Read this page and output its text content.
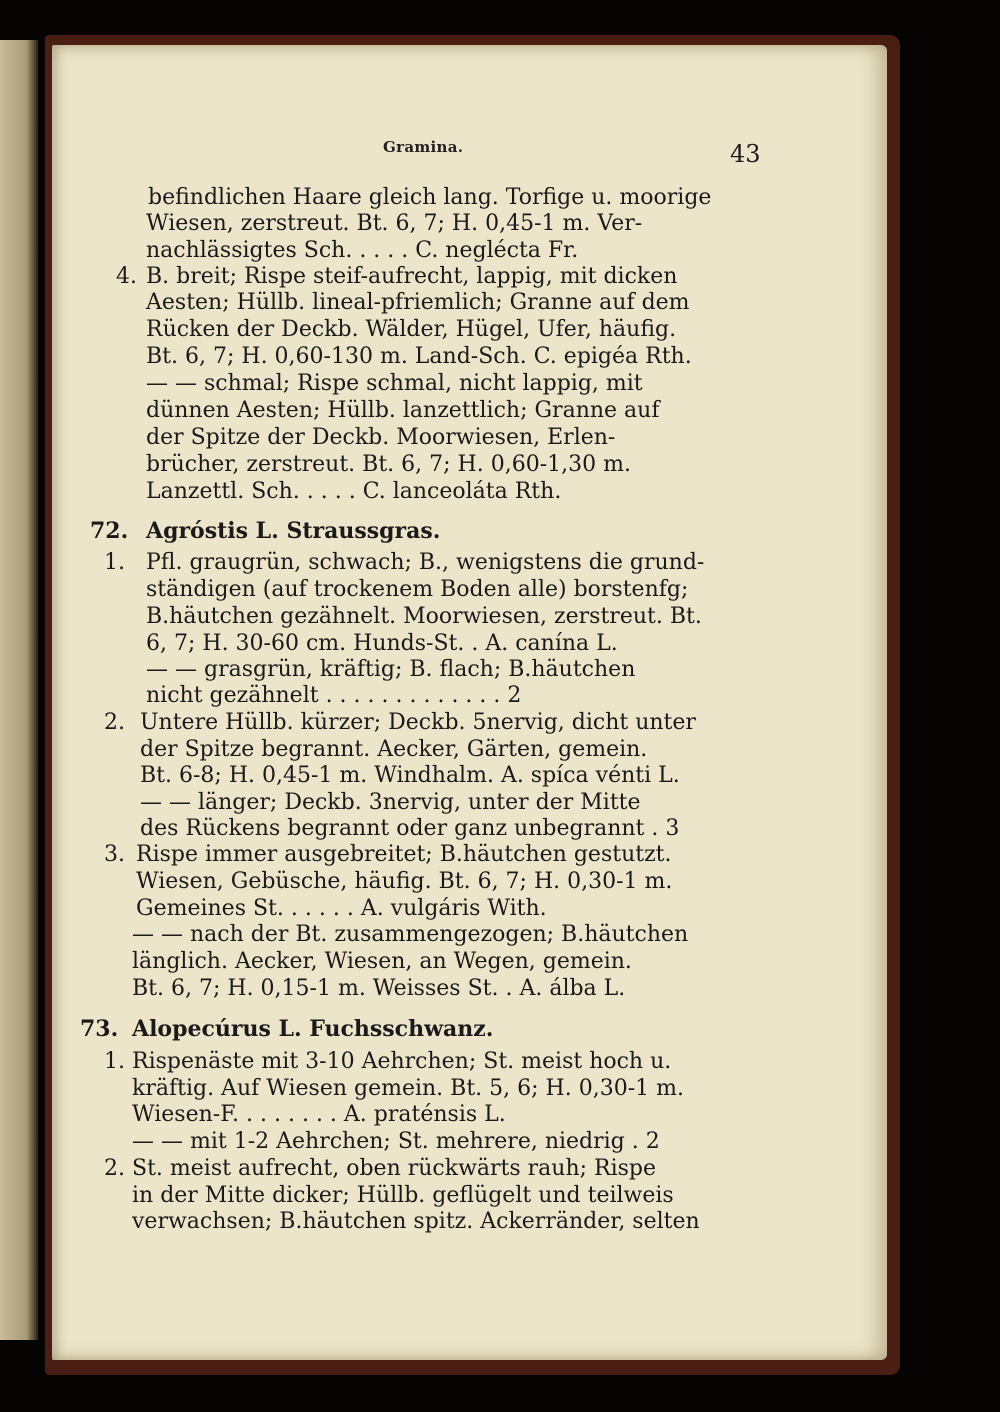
Gramina.	43
4.
72.
1.
2.
3.
73.
1.
2.
befindlichen Haare gleich lang. Torfige u. moorige
Wiesen, zerstreut. Bt. 6, 7; H. 0,45-1 m. Ver-
nachlässigtes Sch. . . . . C. neglécta Fr.
B. breit; Rispe steif-aufrecht, lappig, mit dicken
Aesten; Hüllb. lineal-pfriemlich; Granne auf dem
Rücken der Deckb. Wälder, Hügel, Ufer, häufig.
Bt. 6, 7; H. 0,60-130 m. Land-Sch. C. epigéa Rth.
— — schmal; Rispe schmal, nicht lappig, mit
dünnen Aesten; Hüllb. lanzettlich; Granne auf
der Spitze der Deckb. Moorwiesen, Erlen-
brücher, zerstreut. Bt. 6, 7; H. 0,60-1,30 m.
Lanzettl. Sch. . . . . C. lanceoláta Rth.
Agróstis L. Straussgras.
Pfl. graugrün, schwach; B., wenigstens die grund-
ständigen (auf trockenem Boden alle) borstenfg;
B.häutchen gezähnelt. Moorwiesen, zerstreut. Bt.
6, 7; H. 30-60 cm. Hunds-St. . A. canína L.
— — grasgrün, kräftig; B. flach; B.häutchen
nicht gezähnelt . . . . . . . . . . . . . 2
Untere Hüllb. kürzer; Deckb. 5nervig, dicht unter
der Spitze begrannt. Aecker, Gärten, gemein.
Bt. 6-8; H. 0,45-1 m. Windhalm. A. spíca vénti L.
— — länger; Deckb. 3nervig, unter der Mitte
des Rückens begrannt oder ganz unbegrannt . 3
Rispe immer ausgebreitet; B.häutchen gestutzt.
Wiesen, Gebüsche, häufig. Bt. 6, 7; H. 0,30-1 m.
Gemeines St. . . . . . A. vulgáris With.
— — nach der Bt. zusammengezogen; B.häutchen
länglich. Aecker, Wiesen, an Wegen, gemein.
Bt. 6, 7; H. 0,15-1 m. Weisses St. . A. álba L.
Alopecúrus L. Fuchsschwanz.
Rispenäste mit 3-10 Aehrchen; St. meist hoch u.
kräftig. Auf Wiesen gemein. Bt. 5, 6; H. 0,30-1 m.
Wiesen-F. . . . . . . . A. praténsis L.
— — mit 1-2 Aehrchen; St. mehrere, niedrig . 2
St. meist aufrecht, oben rückwärts rauh; Rispe
in der Mitte dicker; Hüllb. geflügelt und teilweis
verwachsen; B.häutchen spitz. Ackerränder, selten
